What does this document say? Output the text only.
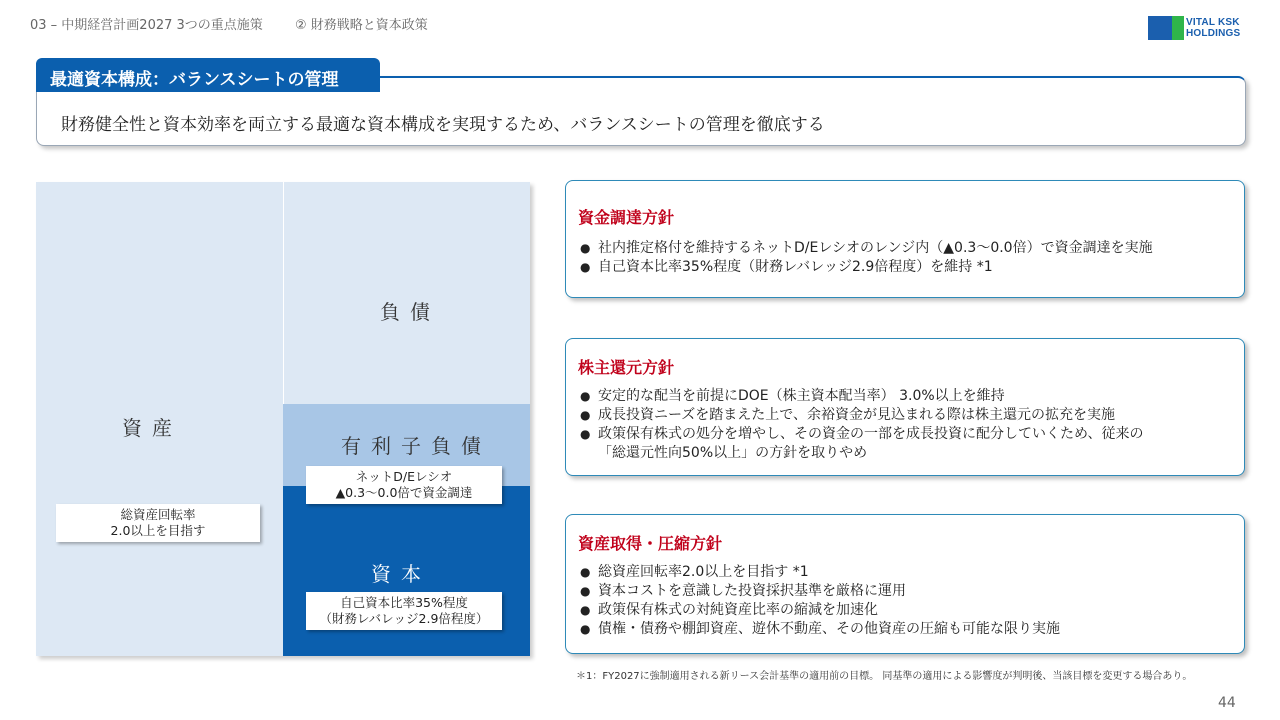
03 – 中期経営計画2027 3つの重点施策 ② 財務戦略と資本政策	VITAL KSK
HOLDINGS
最適資本構成：バランスシートの管理
財務健全性と資本効率を両立する最適な資本構成を実現するため、バランスシートの管理を徹底する
資産
総資産回転率
2.0以上を目指す
負債
有利子負債
資本
ネットD/Eレシオ
▲0.3～0.0倍で資金調達
自己資本比率35%程度
（財務レバレッジ2.9倍程度）
資金調達方針
● 社内推定格付を維持するネットD/Eレシオのレンジ内（▲0.3～0.0倍）で資金調達を実施
● 自己資本比率35%程度（財務レバレッジ2.9倍程度）を維持 *1
株主還元方針
● 安定的な配当を前提にDOE（株主資本配当率） 3.0%以上を維持
● 成長投資ニーズを踏まえた上で、余裕資金が見込まれる際は株主還元の拡充を実施
● 政策保有株式の処分を増やし、その資金の一部を成長投資に配分していくため、従来の
「総還元性向50%以上」の方針を取りやめ
資産取得・圧縮方針
● 総資産回転率2.0以上を目指す *1
● 資本コストを意識した投資採択基準を厳格に運用
● 政策保有株式の対純資産比率の縮減を加速化
● 債権・債務や棚卸資産、遊休不動産、その他資産の圧縮も可能な限り実施
＊1：FY2027に強制適用される新リース会計基準の適用前の目標。 同基準の適用による影響度が判明後、当該目標を変更する場合あり。
44
